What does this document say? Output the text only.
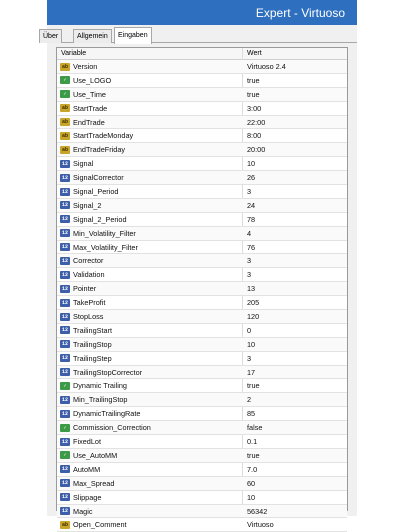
Expert - Virtuoso
Über	Allgemein	Eingaben
Variable	Wert
ab Version	Virtuoso 2.4
✓ Use_LOGO	true
✓ Use_Time	true
ab StartTrade	3:00
ab EndTrade	22:00
ab StartTradeMonday	8:00
ab EndTradeFriday	20:00
12 Signal	10
12 SignalCorrector	26
12 Signal_Period	3
12 Signal_2	24
12 Signal_2_Period	78
12 Min_Volatility_Filter	4
12 Max_Volatility_Filter	76
12 Corrector	3
12 Validation	3
12 Pointer	13
12 TakeProfit	205
12 StopLoss	120
12 TrailingStart	0
12 TrailingStop	10
12 TrailingStep	3
12 TrailingStopCorrector	17
✓ Dynamic Trailing	true
12 Min_TrailingStop	2
12 DynamicTrailingRate	85
✓ Commission_Correction	false
12 FixedLot	0.1
✓ Use_AutoMM	true
12 AutoMM	7.0
12 Max_Spread	60
12 Slippage	10
12 Magic	56342
ab Open_Comment	Virtuoso
